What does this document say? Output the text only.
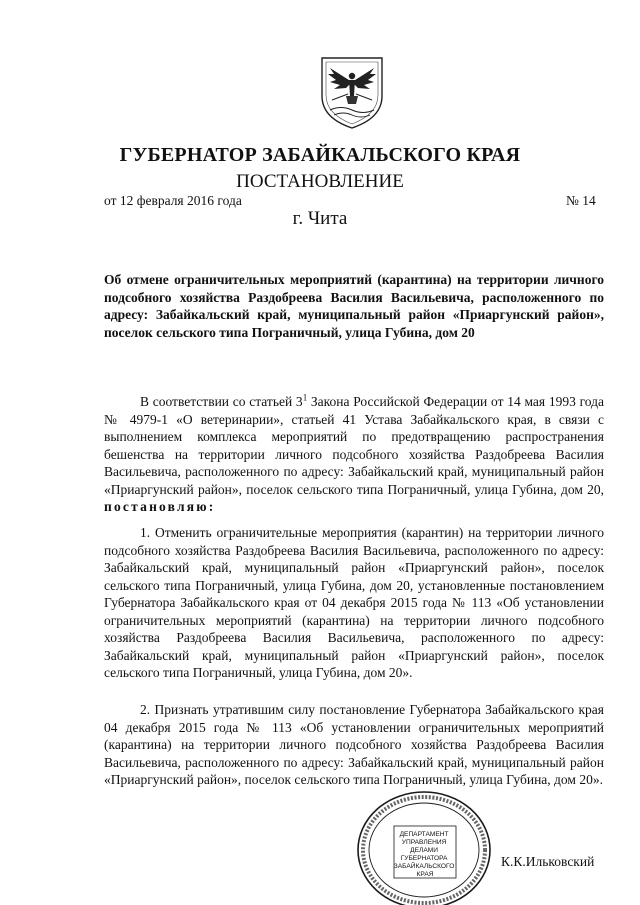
ГУБЕРНАТОР ЗАБАЙКАЛЬСКОГО КРАЯ
ПОСТАНОВЛЕНИЕ
от 12 февраля 2016 года	№ 14
г. Чита
Об отмене ограничительных мероприятий (карантина) на территории личного подсобного хозяйства Раздобреева Василия Васильевича, расположенного по адресу: Забайкальский край, муниципальный район «Приаргунский район», поселок сельского типа Пограничный, улица Губина, дом 20
В соответствии со статьей $3^1$ Закона Российской Федерации от 14 мая 1993 года № 4979-1 «О ветеринарии», статьей 41 Устава Забайкальского края, в связи с выполнением комплекса мероприятий по предотвращению распространения бешенства на территории личного подсобного хозяйства Раздобреева Василия Васильевича, расположенного по адресу: Забайкальский край, муниципальный район «Приаргунский район», поселок сельского типа Пограничный, улица Губина, дом 20, постановляю:
1. Отменить ограничительные мероприятия (карантин) на территории личного подсобного хозяйства Раздобреева Василия Васильевича, расположенного по адресу: Забайкальский край, муниципальный район «Приаргунский район», поселок сельского типа Пограничный, улица Губина, дом 20, установленные постановлением Губернатора Забайкальского края от 04 декабря 2015 года № 113 «Об установлении ограничительных мероприятий (карантина) на территории личного подсобного хозяйства Раздобреева Василия Васильевича, расположенного по адресу: Забайкальский край, муниципальный район «Приаргунский район», поселок сельского типа Пограничный, улица Губина, дом 20».
2. Признать утратившим силу постановление Губернатора Забайкальского края 04 декабря 2015 года № 113 «Об установлении ограничительных мероприятий (карантина) на территории личного подсобного хозяйства Раздобреева Василия Васильевича, расположенного по адресу: Забайкальский край, муниципальный район «Приаргунский район», поселок сельского типа Пограничный, улица Губина, дом 20».
ДЕПАРТАМЕНТ УПРАВЛЕНИЯ ДЕЛАМИ ГУБЕРНАТОРА ЗАБАЙКАЛЬСКОГО КРАЯ
К.К.Ильковский
